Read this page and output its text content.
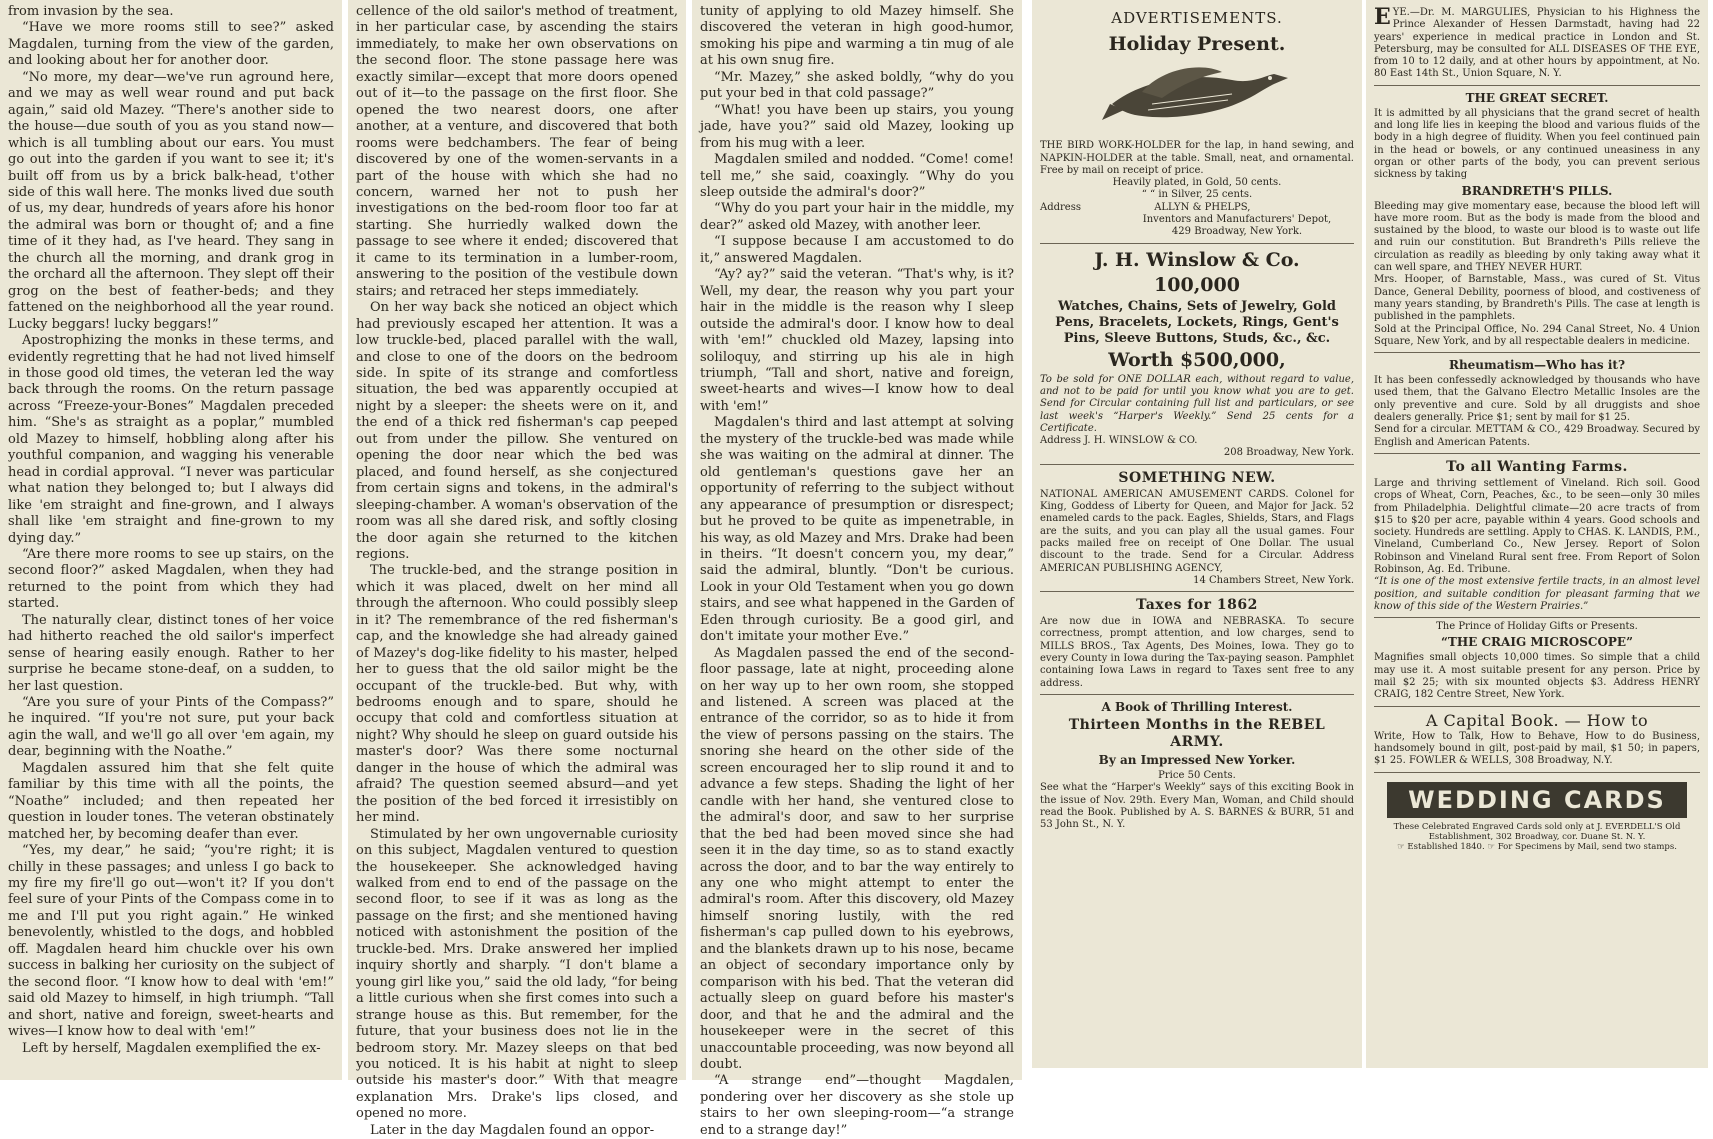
from invasion by the sea.

“Have we more rooms still to see?” asked Magdalen, turning from the view of the garden, and looking about her for another door.

“No more, my dear—we've run aground here, and we may as well wear round and put back again,” said old Mazey. “There's another side to the house—due south of you as you stand now—which is all tumbling about our ears. You must go out into the garden if you want to see it; it's built off from us by a brick balk-head, t'other side of this wall here. The monks lived due south of us, my dear, hundreds of years afore his honor the admiral was born or thought of; and a fine time of it they had, as I've heard. They sang in the church all the morning, and drank grog in the orchard all the afternoon. They slept off their grog on the best of feather-beds; and they fattened on the neighborhood all the year round. Lucky beggars! lucky beggars!”

Apostrophizing the monks in these terms, and evidently regretting that he had not lived himself in those good old times, the veteran led the way back through the rooms. On the return passage across “Freeze-your-Bones” Magdalen preceded him. “She's as straight as a poplar,” mumbled old Mazey to himself, hobbling along after his youthful companion, and wagging his venerable head in cordial approval. “I never was particular what nation they belonged to; but I always did like 'em straight and fine-grown, and I always shall like 'em straight and fine-grown to my dying day.”

“Are there more rooms to see up stairs, on the second floor?” asked Magdalen, when they had returned to the point from which they had started.

The naturally clear, distinct tones of her voice had hitherto reached the old sailor's imperfect sense of hearing easily enough. Rather to her surprise he became stone-deaf, on a sudden, to her last question.

“Are you sure of your Pints of the Compass?” he inquired. “If you're not sure, put your back agin the wall, and we'll go all over 'em again, my dear, beginning with the Noathe.”

Magdalen assured him that she felt quite familiar by this time with all the points, the “Noathe” included; and then repeated her question in louder tones. The veteran obstinately matched her, by becoming deafer than ever.

“Yes, my dear,” he said; “you're right; it is chilly in these passages; and unless I go back to my fire my fire'll go out—won't it? If you don't feel sure of your Pints of the Compass come in to me and I'll put you right again.” He winked benevolently, whistled to the dogs, and hobbled off. Magdalen heard him chuckle over his own success in balking her curiosity on the subject of the second floor. “I know how to deal with 'em!” said old Mazey to himself, in high triumph. “Tall and short, native and foreign, sweet-hearts and wives—I know how to deal with 'em!”

Left by herself, Magdalen exemplified the ex-

cellence of the old sailor's method of treatment, in her particular case, by ascending the stairs immediately, to make her own observations on the second floor. The stone passage here was exactly similar—except that more doors opened out of it—to the passage on the first floor. She opened the two nearest doors, one after another, at a venture, and discovered that both rooms were bedchambers. The fear of being discovered by one of the women-servants in a part of the house with which she had no concern, warned her not to push her investigations on the bed-room floor too far at starting. She hurriedly walked down the passage to see where it ended; discovered that it came to its termination in a lumber-room, answering to the position of the vestibule down stairs; and retraced her steps immediately.

On her way back she noticed an object which had previously escaped her attention. It was a low truckle-bed, placed parallel with the wall, and close to one of the doors on the bedroom side. In spite of its strange and comfortless situation, the bed was apparently occupied at night by a sleeper: the sheets were on it, and the end of a thick red fisherman's cap peeped out from under the pillow. She ventured on opening the door near which the bed was placed, and found herself, as she conjectured from certain signs and tokens, in the admiral's sleeping-chamber. A woman's observation of the room was all she dared risk, and softly closing the door again she returned to the kitchen regions.

The truckle-bed, and the strange position in which it was placed, dwelt on her mind all through the afternoon. Who could possibly sleep in it? The remembrance of the red fisherman's cap, and the knowledge she had already gained of Mazey's dog-like fidelity to his master, helped her to guess that the old sailor might be the occupant of the truckle-bed. But why, with bedrooms enough and to spare, should he occupy that cold and comfortless situation at night? Why should he sleep on guard outside his master's door? Was there some nocturnal danger in the house of which the admiral was afraid? The question seemed absurd—and yet the position of the bed forced it irresistibly on her mind.

Stimulated by her own ungovernable curiosity on this subject, Magdalen ventured to question the housekeeper. She acknowledged having walked from end to end of the passage on the second floor, to see if it was as long as the passage on the first; and she mentioned having noticed with astonishment the position of the truckle-bed. Mrs. Drake answered her implied inquiry shortly and sharply. “I don't blame a young girl like you,” said the old lady, “for being a little curious when she first comes into such a strange house as this. But remember, for the future, that your business does not lie in the bedroom story. Mr. Mazey sleeps on that bed you noticed. It is his habit at night to sleep outside his master's door.” With that meagre explanation Mrs. Drake's lips closed, and opened no more.

Later in the day Magdalen found an oppor-

tunity of applying to old Mazey himself. She discovered the veteran in high good-humor, smoking his pipe and warming a tin mug of ale at his own snug fire.

“Mr. Mazey,” she asked boldly, “why do you put your bed in that cold passage?”

“What! you have been up stairs, you young jade, have you?” said old Mazey, looking up from his mug with a leer.

Magdalen smiled and nodded. “Come! come! tell me,” she said, coaxingly. “Why do you sleep outside the admiral's door?”

“Why do you part your hair in the middle, my dear?” asked old Mazey, with another leer.

“I suppose because I am accustomed to do it,” answered Magdalen.

“Ay? ay?” said the veteran. “That's why, is it? Well, my dear, the reason why you part your hair in the middle is the reason why I sleep outside the admiral's door. I know how to deal with 'em!” chuckled old Mazey, lapsing into soliloquy, and stirring up his ale in high triumph, “Tall and short, native and foreign, sweet-hearts and wives—I know how to deal with 'em!”

Magdalen's third and last attempt at solving the mystery of the truckle-bed was made while she was waiting on the admiral at dinner. The old gentleman's questions gave her an opportunity of referring to the subject without any appearance of presumption or disrespect; but he proved to be quite as impenetrable, in his way, as old Mazey and Mrs. Drake had been in theirs. “It doesn't concern you, my dear,” said the admiral, bluntly. “Don't be curious. Look in your Old Testament when you go down stairs, and see what happened in the Garden of Eden through curiosity. Be a good girl, and don't imitate your mother Eve.”

As Magdalen passed the end of the second-floor passage, late at night, proceeding alone on her way up to her own room, she stopped and listened. A screen was placed at the entrance of the corridor, so as to hide it from the view of persons passing on the stairs. The snoring she heard on the other side of the screen encouraged her to slip round it and to advance a few steps. Shading the light of her candle with her hand, she ventured close to the admiral's door, and saw to her surprise that the bed had been moved since she had seen it in the day time, so as to stand exactly across the door, and to bar the way entirely to any one who might attempt to enter the admiral's room. After this discovery, old Mazey himself snoring lustily, with the red fisherman's cap pulled down to his eyebrows, and the blankets drawn up to his nose, became an object of secondary importance only by comparison with his bed. That the veteran did actually sleep on guard before his master's door, and that he and the admiral and the housekeeper were in the secret of this unaccountable proceeding, was now beyond all doubt.

“A strange end”—thought Magdalen, pondering over her discovery as she stole up stairs to her own sleeping-room—“a strange end to a strange day!”

ADVERTISEMENTS.
Holiday Present.

THE BIRD WORK-HOLDER for the lap, in hand sewing, and NAPKIN-HOLDER at the table. Small, neat, and ornamental. Free by mail on receipt of price.

Heavily plated, in Gold, 50 cents.

“ “ in Silver, 25 cents.

Address	ALLYN & PHELPS,

Inventors and Manufacturers' Depot,

429 Broadway, New York.

J. H. Winslow & Co.
100,000
Watches, Chains, Sets of Jewelry, Gold Pens, Bracelets, Lockets, Rings, Gent's Pins, Sleeve Buttons, Studs, &c., &c.
Worth $500,000,

To be sold for ONE DOLLAR each, without regard to value, and not to be paid for until you know what you are to get. Send for Circular containing full list and particulars, or see last week's “Harper's Weekly.” Send 25 cents for a Certificate.

Address J. H. WINSLOW & CO.

208 Broadway, New York.

SOMETHING NEW.

NATIONAL AMERICAN AMUSEMENT CARDS. Colonel for King, Goddess of Liberty for Queen, and Major for Jack. 52 enameled cards to the pack. Eagles, Shields, Stars, and Flags are the suits, and you can play all the usual games. Four packs mailed free on receipt of One Dollar. The usual discount to the trade. Send for a Circular. Address AMERICAN PUBLISHING AGENCY,

14 Chambers Street, New York.

Taxes for 1862

Are now due in IOWA and NEBRASKA. To secure correctness, prompt attention, and low charges, send to MILLS BROS., Tax Agents, Des Moines, Iowa. They go to every County in Iowa during the Tax-paying season. Pamphlet containing Iowa Laws in regard to Taxes sent free to any address.

A Book of Thrilling Interest.
Thirteen Months in the REBEL ARMY.
By an Impressed New Yorker.

Price 50 Cents.

See what the “Harper's Weekly” says of this exciting Book in the issue of Nov. 29th. Every Man, Woman, and Child should read the Book. Published by A. S. BARNES & BURR, 51 and 53 John St., N. Y.

EYE.—Dr. M. MARGULIES, Physician to his Highness the Prince Alexander of Hessen Darmstadt, having had 22 years' experience in medical practice in London and St. Petersburg, may be consulted for ALL DISEASES OF THE EYE, from 10 to 12 daily, and at other hours by appointment, at No. 80 East 14th St., Union Square, N. Y.

THE GREAT SECRET.

It is admitted by all physicians that the grand secret of health and long life lies in keeping the blood and various fluids of the body in a high degree of fluidity. When you feel continued pain in the head or bowels, or any continued uneasiness in any organ or other parts of the body, you can prevent serious sickness by taking

BRANDRETH'S PILLS.

Bleeding may give momentary ease, because the blood left will have more room. But as the body is made from the blood and sustained by the blood, to waste our blood is to waste out life and ruin our constitution. But Brandreth's Pills relieve the circulation as readily as bleeding by only taking away what it can well spare, and THEY NEVER HURT.

Mrs. Hooper, of Barnstable, Mass., was cured of St. Vitus Dance, General Debility, poorness of blood, and costiveness of many years standing, by Brandreth's Pills. The case at length is published in the pamphlets.

Sold at the Principal Office, No. 294 Canal Street, No. 4 Union Square, New York, and by all respectable dealers in medicine.

Rheumatism—Who has it?

It has been confessedly acknowledged by thousands who have used them, that the Galvano Electro Metallic Insoles are the only preventive and cure. Sold by all druggists and shoe dealers generally. Price $1; sent by mail for $1 25.

Send for a circular. METTAM & CO., 429 Broadway. Secured by English and American Patents.

To all Wanting Farms.

Large and thriving settlement of Vineland. Rich soil. Good crops of Wheat, Corn, Peaches, &c., to be seen—only 30 miles from Philadelphia. Delightful climate—20 acre tracts of from $15 to $20 per acre, payable within 4 years. Good schools and society. Hundreds are settling. Apply to CHAS. K. LANDIS, P.M., Vineland, Cumberland Co., New Jersey. Report of Solon Robinson and Vineland Rural sent free. From Report of Solon Robinson, Ag. Ed. Tribune.

“It is one of the most extensive fertile tracts, in an almost level position, and suitable condition for pleasant farming that we know of this side of the Western Prairies.”

The Prince of Holiday Gifts or Presents.

“THE CRAIG MICROSCOPE”

Magnifies small objects 10,000 times. So simple that a child may use it. A most suitable present for any person. Price by mail $2 25; with six mounted objects $3. Address HENRY CRAIG, 182 Centre Street, New York.

A Capital Book. — How to

Write, How to Talk, How to Behave, How to do Business, handsomely bound in gilt, post-paid by mail, $1 50; in papers, $1 25. FOWLER & WELLS, 308 Broadway, N.Y.

WEDDING CARDS

These Celebrated Engraved Cards sold only at J. EVERDELL'S Old Establishment, 302 Broadway, cor. Duane St. N. Y.

☞ Established 1840. ☞ For Specimens by Mail, send two stamps.
